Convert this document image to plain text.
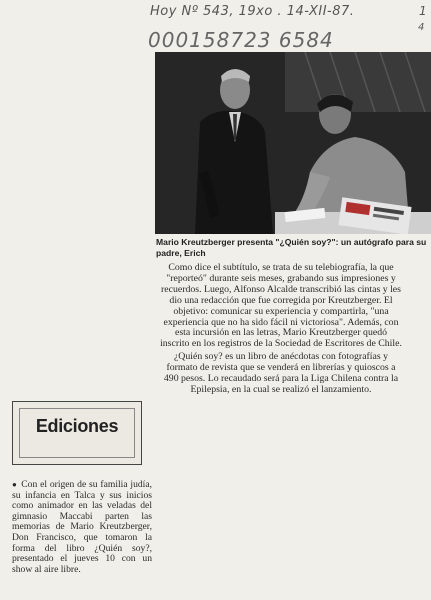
Hoy Nº 543, 19xo . 14-XII-87.	1
000158723 6584
4
Mario Kreutzberger presenta "¿Quién soy?": un autógrafo para su padre, Erich

Como dice el subtítulo, se trata de su telebiografía, la que "reporteó" durante seis meses, grabando sus impresiones y recuerdos. Luego, Alfonso Alcalde transcribió las cintas y les dio una redacción que fue corregida por Kreutzberger. El objetivo: comunicar su experiencia y compartirla, "una experiencia que no ha sido fácil ni victoriosa". Además, con esta incursión en las letras, Mario Kreutzberger quedó inscrito en los registros de la Sociedad de Escritores de Chile.

¿Quién soy? es un libro de anécdotas con fotografías y formato de revista que se venderá en librerías y quioscos a 490 pesos. Lo recaudado será para la Liga Chilena contra la Epilepsia, en la cual se realizó el lanzamiento.

Ediciones
● Con el origen de su familia judía, su infancia en Talca y sus inicios como animador en las veladas del gimnasio Maccabi parten las memorias de Mario Kreutzberger, Don Francisco, que tomaron la forma del libro ¿Quién soy?, presentado el jueves 10 con un show al aire libre.
